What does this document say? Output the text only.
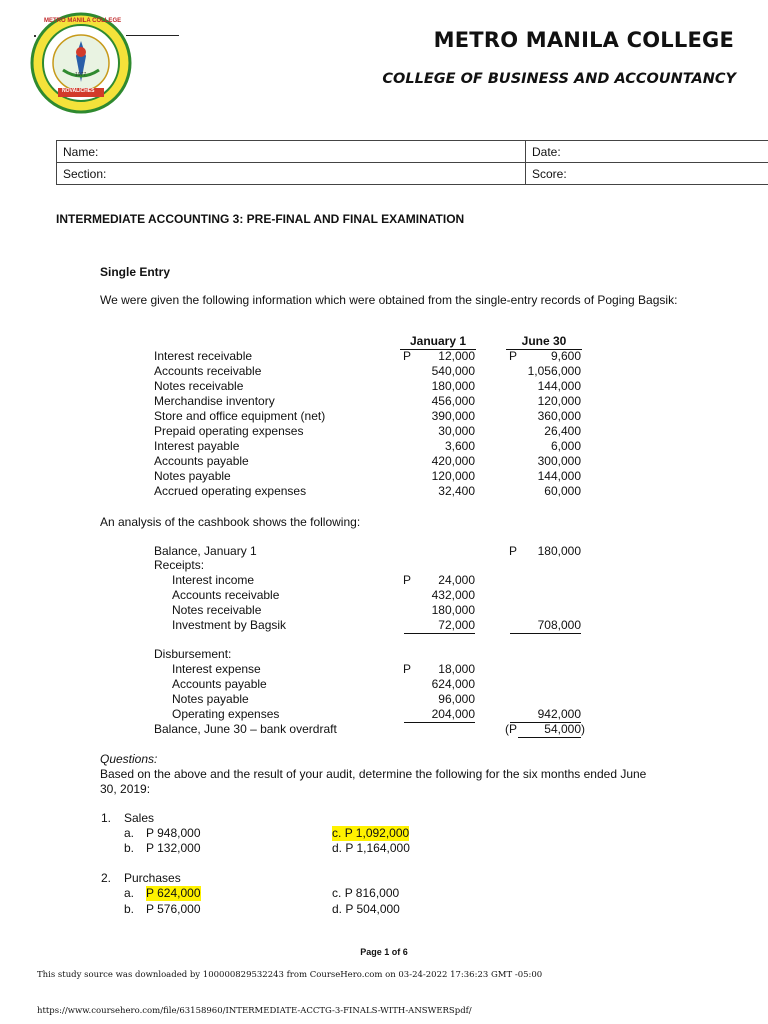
METRO MANILA COLLEGE
NOVALICHES
1977
METRO MANILA COLLEGE
COLLEGE OF BUSINESS AND ACCOUNTANCY
Name:	Date:
Section:	Score:
INTERMEDIATE ACCOUNTING 3: PRE-FINAL AND FINAL EXAMINATION
Single Entry
We were given the following information which were obtained from the single-entry records of Poging Bagsik:
January 1	June 30
P	P
Interest receivable	12,000	9,600
Accounts receivable	540,000	1,056,000
Notes receivable	180,000	144,000
Merchandise inventory	456,000	120,000
Store and office equipment (net)	390,000	360,000
Prepaid operating expenses	30,000	26,400
Interest payable	3,600	6,000
Accounts payable	420,000	300,000
Notes payable	120,000	144,000
Accrued operating expenses	32,400	60,000
An analysis of the cashbook shows the following:
Balance, January 1	P	180,000
Receipts:
P
Interest income	24,000
Accounts receivable	432,000
Notes receivable	180,000
Investment by Bagsik	72,000	708,000
Disbursement:
P
Interest expense	18,000
Accounts payable	624,000
Notes payable	96,000
Operating expenses	204,000	942,000
Balance, June 30 – bank overdraft	(P	54,000 )
Questions:
Based on the above and the result of your audit, determine the following for the six months ended June 30, 2019:
1. Sales
a. P 948,000
b. P 132,000
c. P 1,092,000
d. P 1,164,000
2. Purchases
a. P 624,000
b. P 576,000
c. P 816,000
d. P 504,000
Page 1 of 6
This study source was downloaded by 100000829532243 from CourseHero.com on 03-24-2022 17:36:23 GMT -05:00
https://www.coursehero.com/file/63158960/INTERMEDIATE-ACCTG-3-FINALS-WITH-ANSWERSpdf/
